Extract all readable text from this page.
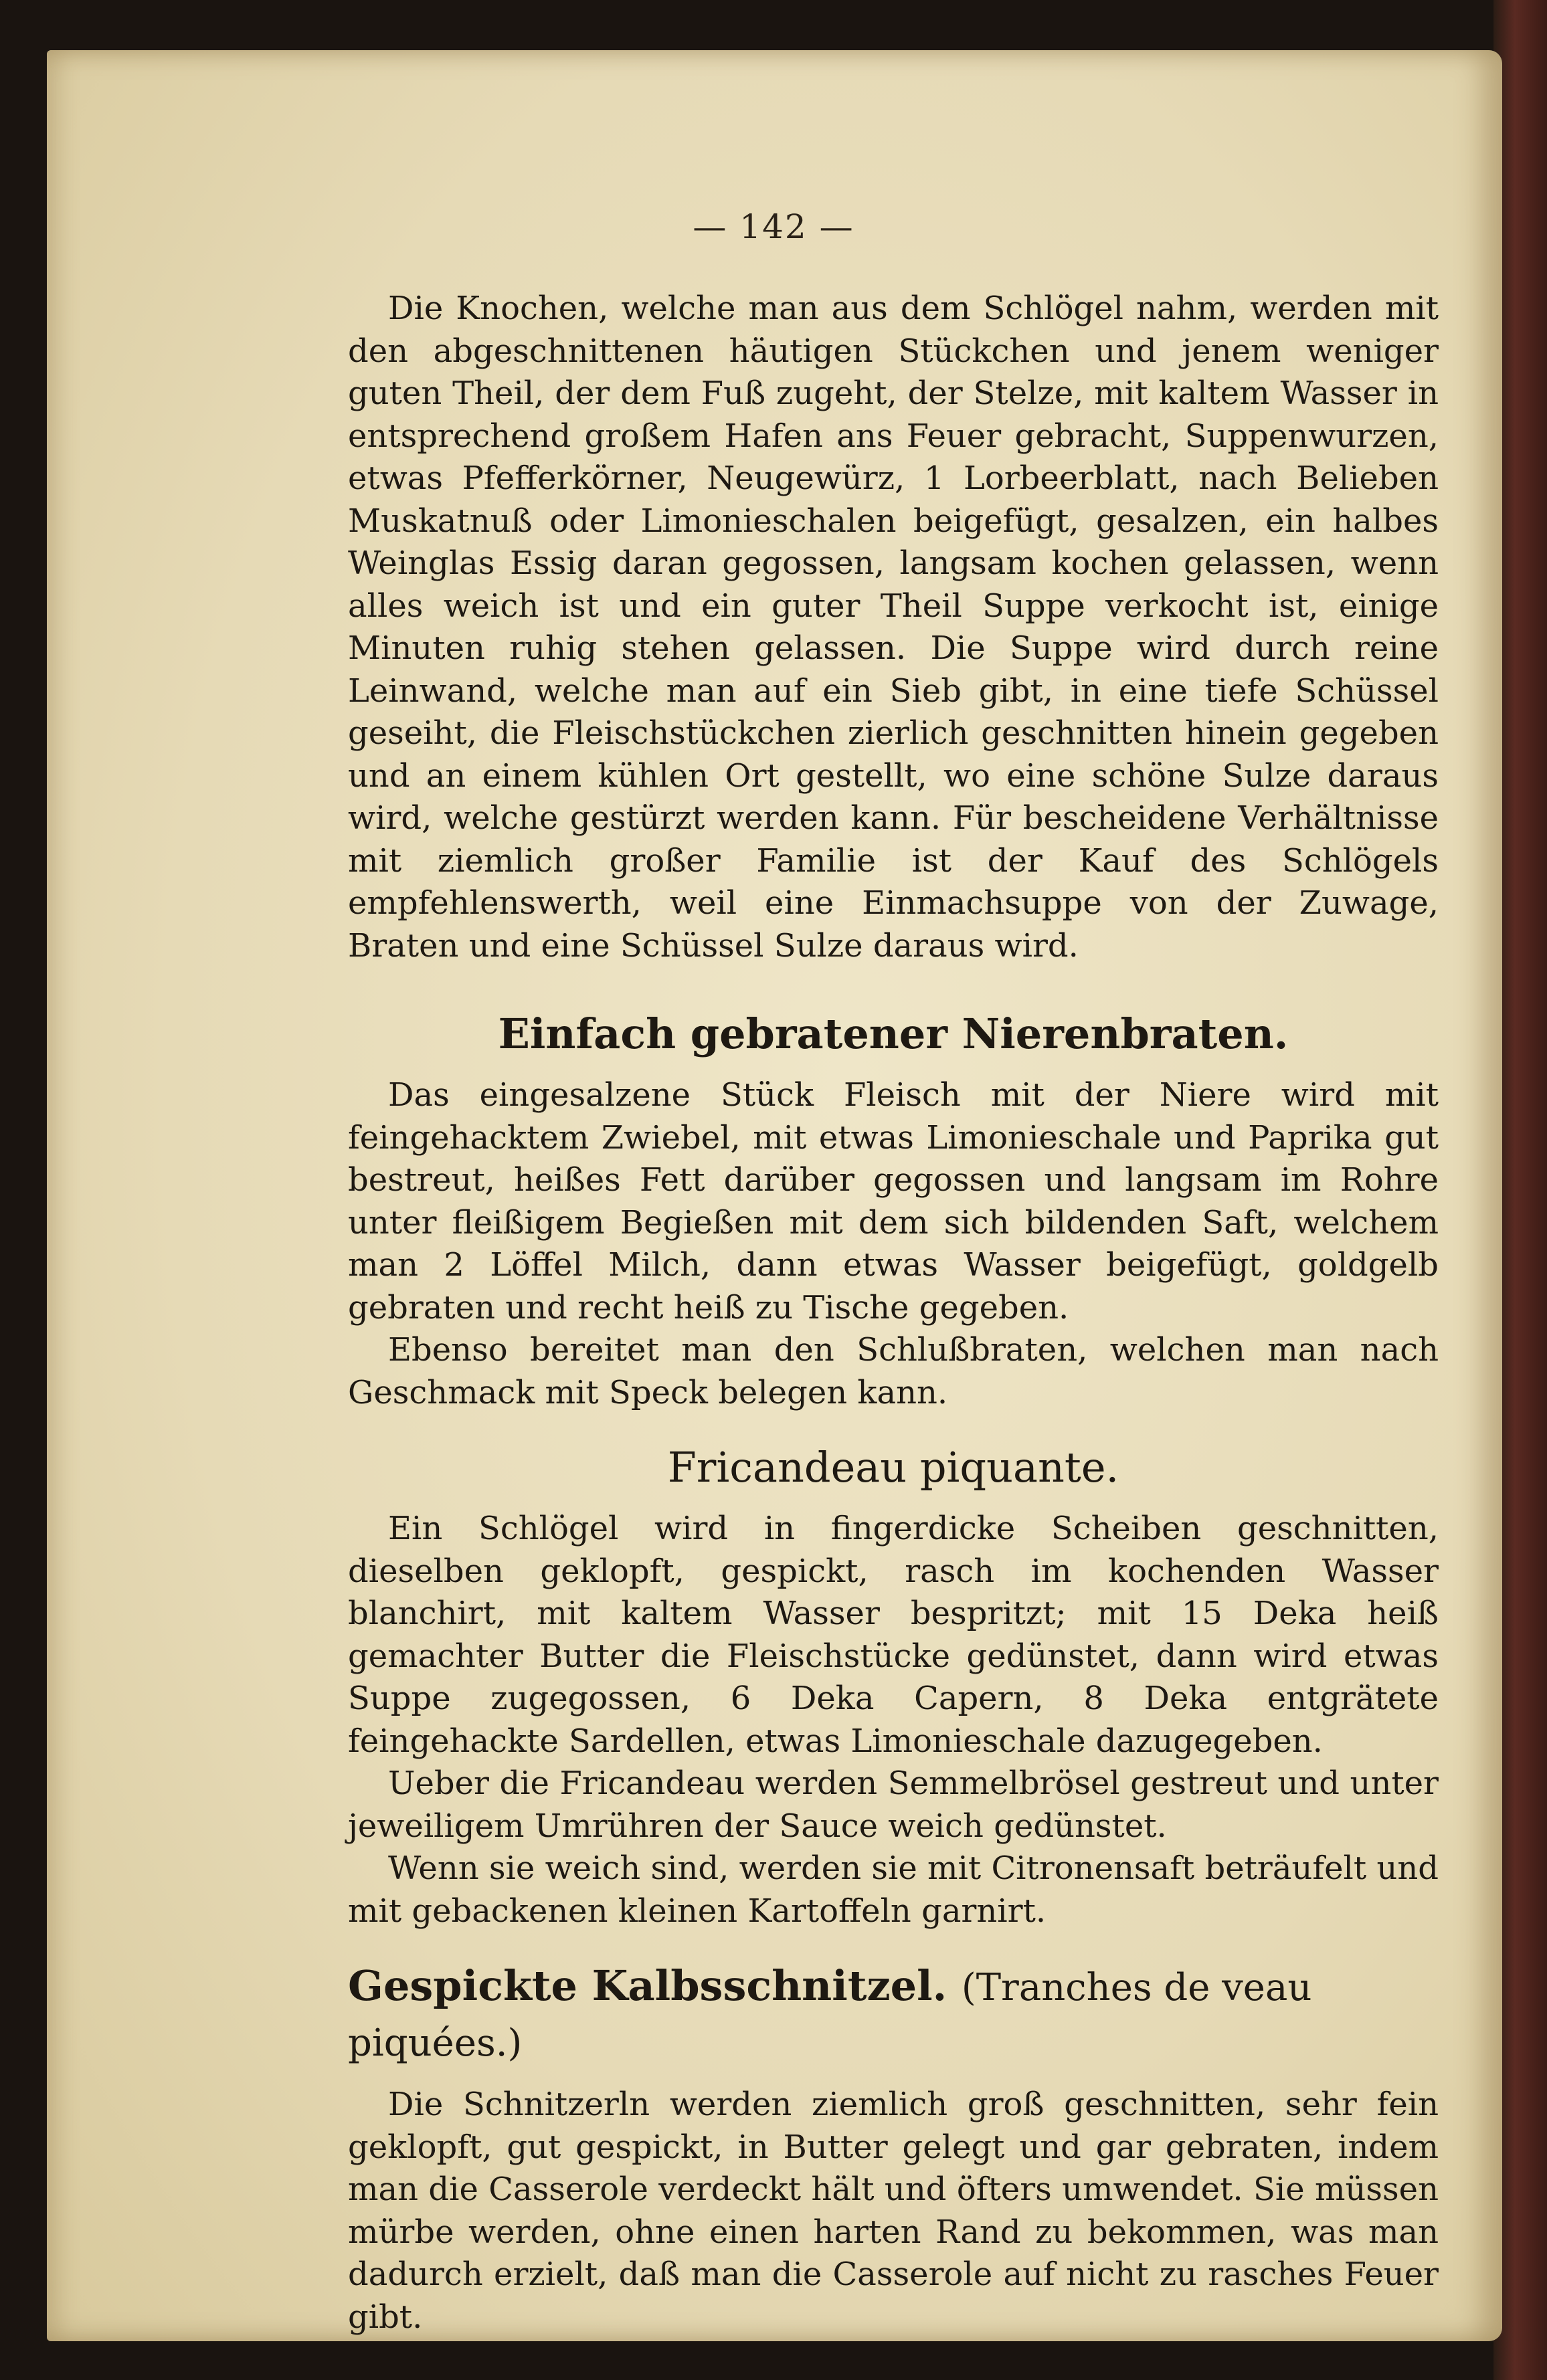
— 142 —

Die Knochen, welche man aus dem Schlögel nahm, werden mit den abgeschnittenen häutigen Stückchen und jenem weniger guten Theil, der dem Fuß zugeht, der Stelze, mit kaltem Wasser in entsprechend großem Hafen ans Feuer gebracht, Suppenwurzen, etwas Pfefferkörner, Neugewürz, 1 Lorbeerblatt, nach Belieben Muskatnuß oder Limonieschalen beigefügt, gesalzen, ein halbes Weinglas Essig daran gegossen, langsam kochen gelassen, wenn alles weich ist und ein guter Theil Suppe verkocht ist, einige Minuten ruhig stehen gelassen. Die Suppe wird durch reine Leinwand, welche man auf ein Sieb gibt, in eine tiefe Schüssel geseiht, die Fleischstückchen zierlich geschnitten hinein gegeben und an einem kühlen Ort gestellt, wo eine schöne Sulze daraus wird, welche gestürzt werden kann. Für bescheidene Verhältnisse mit ziemlich großer Familie ist der Kauf des Schlögels empfehlenswerth, weil eine Einmachsuppe von der Zuwage, Braten und eine Schüssel Sulze daraus wird.

Einfach gebratener Nierenbraten.

Das eingesalzene Stück Fleisch mit der Niere wird mit feingehacktem Zwiebel, mit etwas Limonieschale und Paprika gut bestreut, heißes Fett darüber gegossen und langsam im Rohre unter fleißigem Begießen mit dem sich bildenden Saft, welchem man 2 Löffel Milch, dann etwas Wasser beigefügt, goldgelb gebraten und recht heiß zu Tische gegeben.

Ebenso bereitet man den Schlußbraten, welchen man nach Geschmack mit Speck belegen kann.

Fricandeau piquante.

Ein Schlögel wird in fingerdicke Scheiben geschnitten, dieselben geklopft, gespickt, rasch im kochenden Wasser blanchirt, mit kaltem Wasser bespritzt; mit 15 Deka heiß gemachter Butter die Fleischstücke gedünstet, dann wird etwas Suppe zugegossen, 6 Deka Capern, 8 Deka entgrätete feingehackte Sardellen, etwas Limonieschale dazugegeben.

Ueber die Fricandeau werden Semmelbrösel gestreut und unter jeweiligem Umrühren der Sauce weich gedünstet.

Wenn sie weich sind, werden sie mit Citronensaft beträufelt und mit gebackenen kleinen Kartoffeln garnirt.

Gespickte Kalbsschnitzel. (Tranches de veau piquées.)

Die Schnitzerln werden ziemlich groß geschnitten, sehr fein geklopft, gut gespickt, in Butter gelegt und gar gebraten, indem man die Casserole verdeckt hält und öfters umwendet. Sie müssen mürbe werden, ohne einen harten Rand zu bekommen, was man dadurch erzielt, daß man die Casserole auf nicht zu rasches Feuer gibt.
